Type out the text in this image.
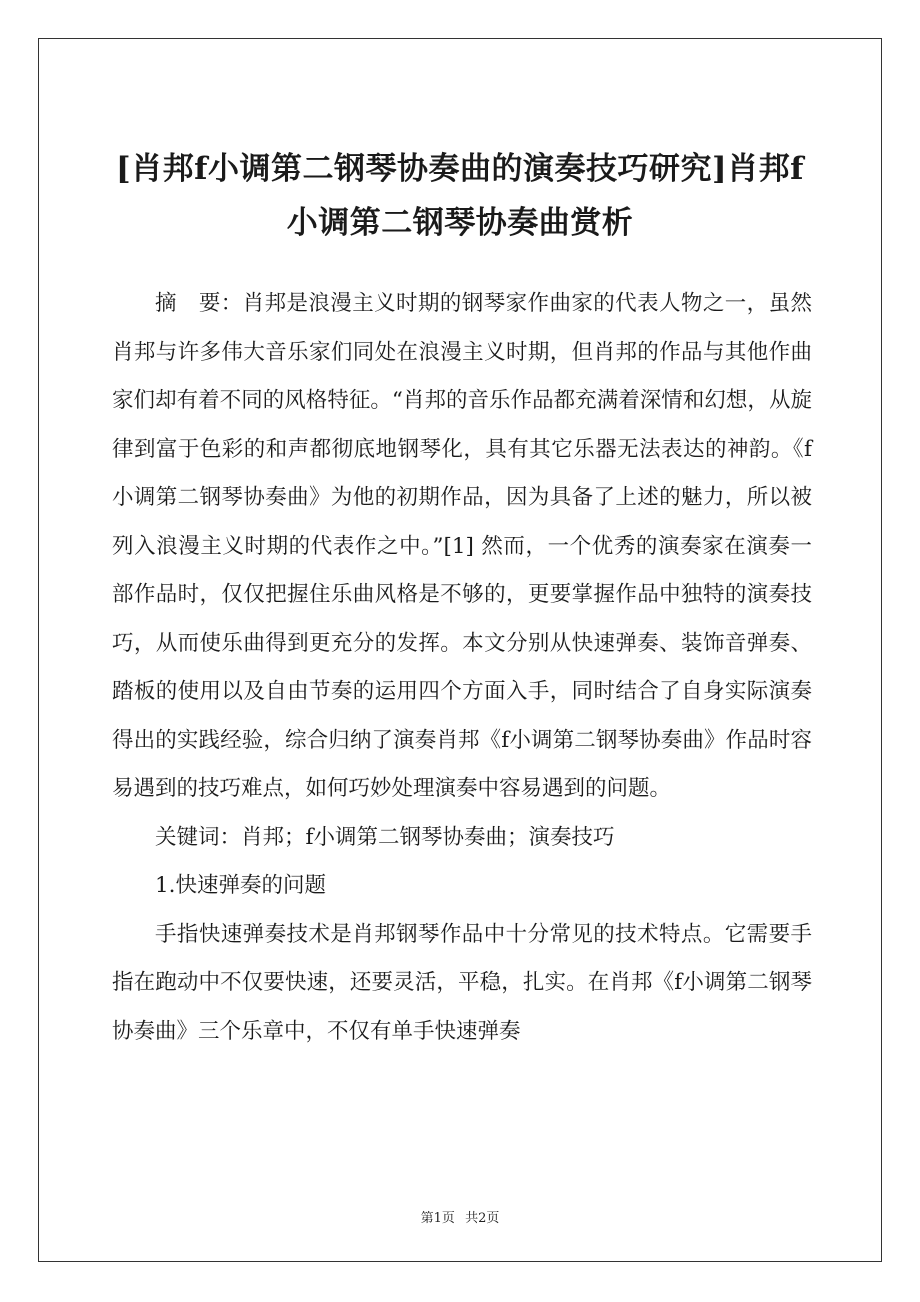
[肖邦f小调第二钢琴协奏曲的演奏技巧研究]肖邦f小调第二钢琴协奏曲赏析

摘　要：肖邦是浪漫主义时期的钢琴家作曲家的代表人物之一，虽然肖邦与许多伟大音乐家们同处在浪漫主义时期，但肖邦的作品与其他作曲家们却有着不同的风格特征。“肖邦的音乐作品都充满着深情和幻想，从旋律到富于色彩的和声都彻底地钢琴化，具有其它乐器无法表达的神韵。《f小调第二钢琴协奏曲》为他的初期作品，因为具备了上述的魅力，所以被列入浪漫主义时期的代表作之中。”[1] 然而，一个优秀的演奏家在演奏一部作品时，仅仅把握住乐曲风格是不够的，更要掌握作品中独特的演奏技巧，从而使乐曲得到更充分的发挥。本文分别从快速弹奏、装饰音弹奏、踏板的使用以及自由节奏的运用四个方面入手，同时结合了自身实际演奏得出的实践经验，综合归纳了演奏肖邦《f小调第二钢琴协奏曲》作品时容易遇到的技巧难点，如何巧妙处理演奏中容易遇到的问题。

关键词：肖邦；f小调第二钢琴协奏曲；演奏技巧

1.快速弹奏的问题

手指快速弹奏技术是肖邦钢琴作品中十分常见的技术特点。它需要手指在跑动中不仅要快速，还要灵活，平稳，扎实。在肖邦《f小调第二钢琴协奏曲》三个乐章中，不仅有单手快速弹奏

第1页 共2页
